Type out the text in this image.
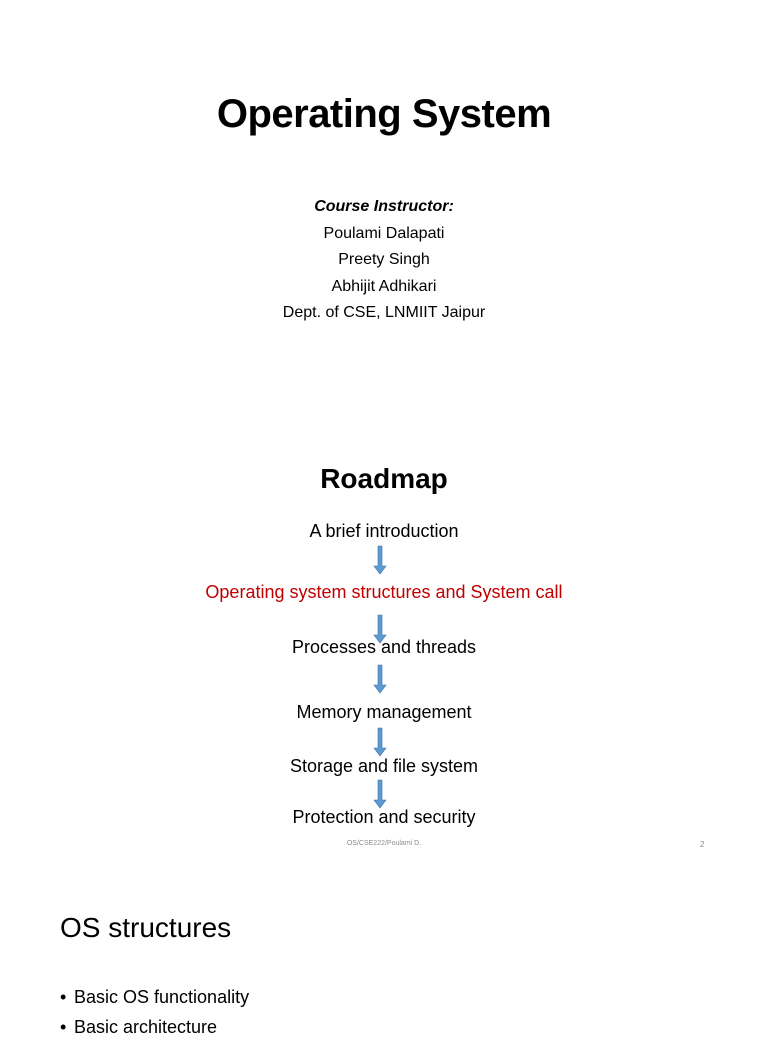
Operating System
Course Instructor:
Poulami Dalapati
Preety Singh
Abhijit Adhikari
Dept. of CSE, LNMIIT Jaipur
Roadmap
A brief introduction
Operating system structures and System call
Processes and threads
Memory management
Storage and file system
Protection and security
OS/CSE222/Poulami D.	2
OS structures
• Basic OS functionality
• Basic architecture
